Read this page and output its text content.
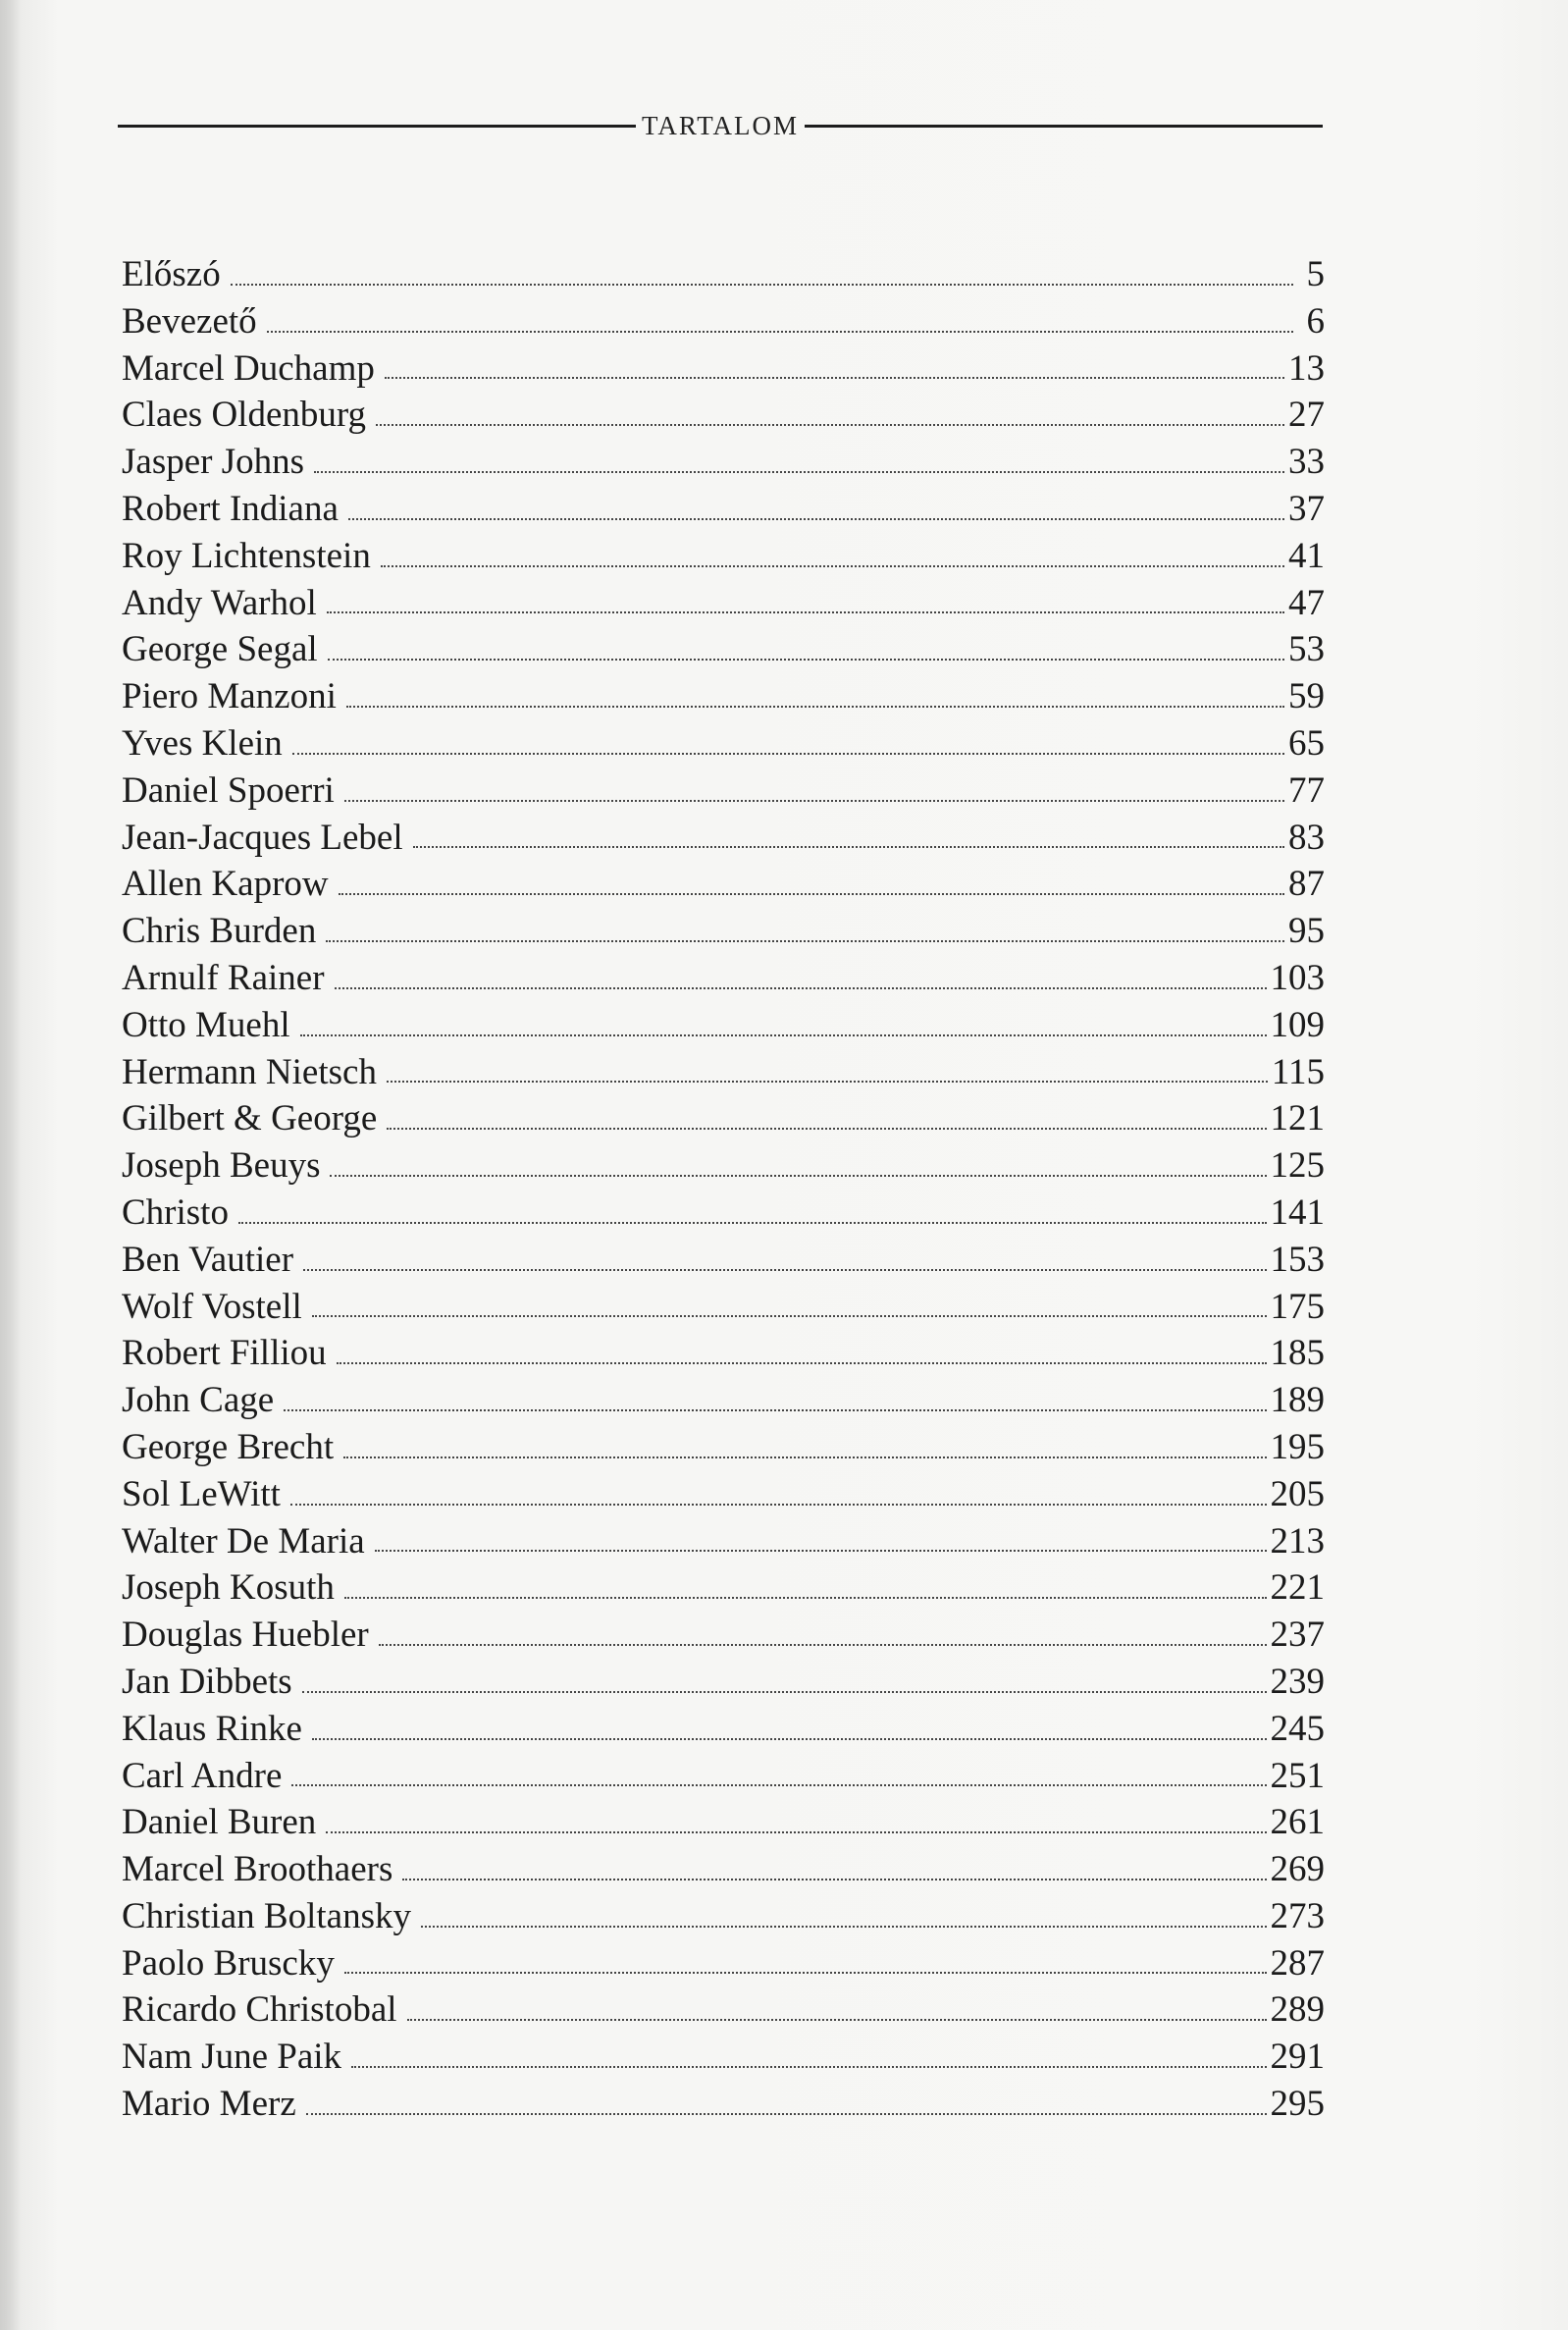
TARTALOM
Előszó	5
Bevezető	6
Marcel Duchamp	13
Claes Oldenburg	27
Jasper Johns	33
Robert Indiana	37
Roy Lichtenstein	41
Andy Warhol	47
George Segal	53
Piero Manzoni	59
Yves Klein	65
Daniel Spoerri	77
Jean-Jacques Lebel	83
Allen Kaprow	87
Chris Burden	95
Arnulf Rainer	103
Otto Muehl	109
Hermann Nietsch	115
Gilbert & George	121
Joseph Beuys	125
Christo	141
Ben Vautier	153
Wolf Vostell	175
Robert Filliou	185
John Cage	189
George Brecht	195
Sol LeWitt	205
Walter De Maria	213
Joseph Kosuth	221
Douglas Huebler	237
Jan Dibbets	239
Klaus Rinke	245
Carl Andre	251
Daniel Buren	261
Marcel Broothaers	269
Christian Boltansky	273
Paolo Bruscky	287
Ricardo Christobal	289
Nam June Paik	291
Mario Merz	295
